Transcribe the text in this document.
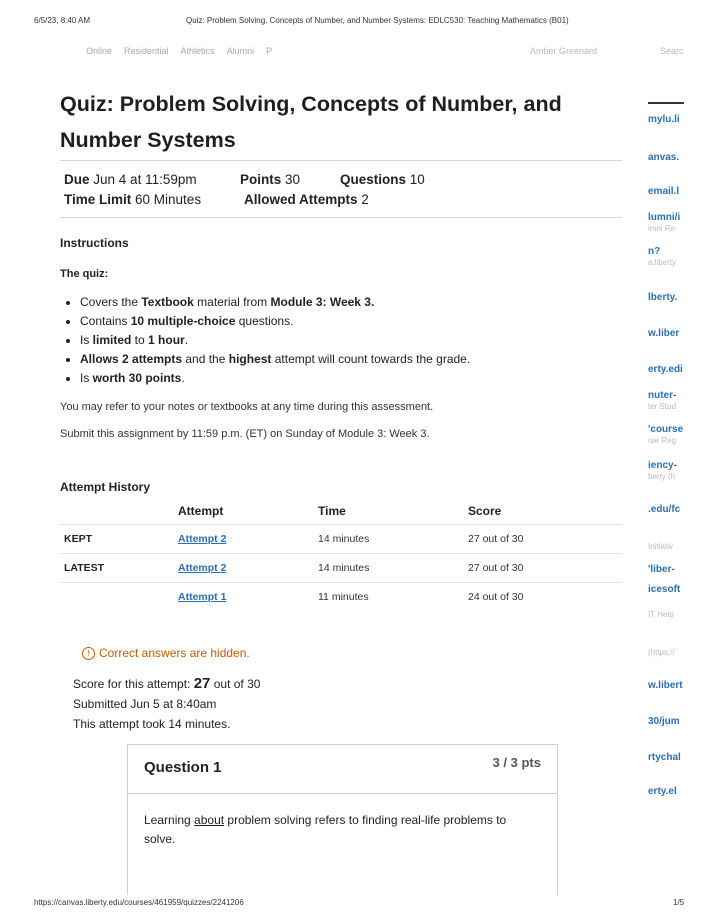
6/5/23, 8:40 AM	Quiz: Problem Solving, Concepts of Number, and Number Systems: EDLC530: Teaching Mathematics (B01)
Online Residential Athletics Alumni P	Amber Greenard	Searc
Quiz: Problem Solving, Concepts of Number, and Number Systems
Due Jun 4 at 11:59pm	Points 30	Questions 10
Time Limit 60 Minutes	Allowed Attempts 2
Instructions
The quiz:
• Covers the Textbook material from Module 3: Week 3.
• Contains 10 multiple-choice questions.
• Is limited to 1 hour.
• Allows 2 attempts and the highest attempt will count towards the grade.
• Is worth 30 points.
You may refer to your notes or textbooks at any time during this assessment.
Submit this assignment by 11:59 p.m. (ET) on Sunday of Module 3: Week 3.
Attempt History
	Attempt	Time	Score
KEPT	Attempt 2	14 minutes	27 out of 30
LATEST	Attempt 2	14 minutes	27 out of 30
	Attempt 1	11 minutes	24 out of 30
! Correct answers are hidden.
Score for this attempt: 27 out of 30
Submitted Jun 5 at 8:40am
This attempt took 14 minutes.
Question 1	3 / 3 pts
Learning about problem solving refers to finding real-life problems to solve.
mylu.li
anvas.
email.l
lumni/i
imni Re
n?
a.liberty
lberty.
w.liber
erty.edi
nuter-
ter Stud
'course
rse Reg
iency-
berty (h
.edu/fc
Initiativ
'liber-
icesoft
IT Help
(https://
w.libert
30/jum
rtychal
erty.el
https://canvas.liberty.edu/courses/461959/quizzes/2241206	1/5
